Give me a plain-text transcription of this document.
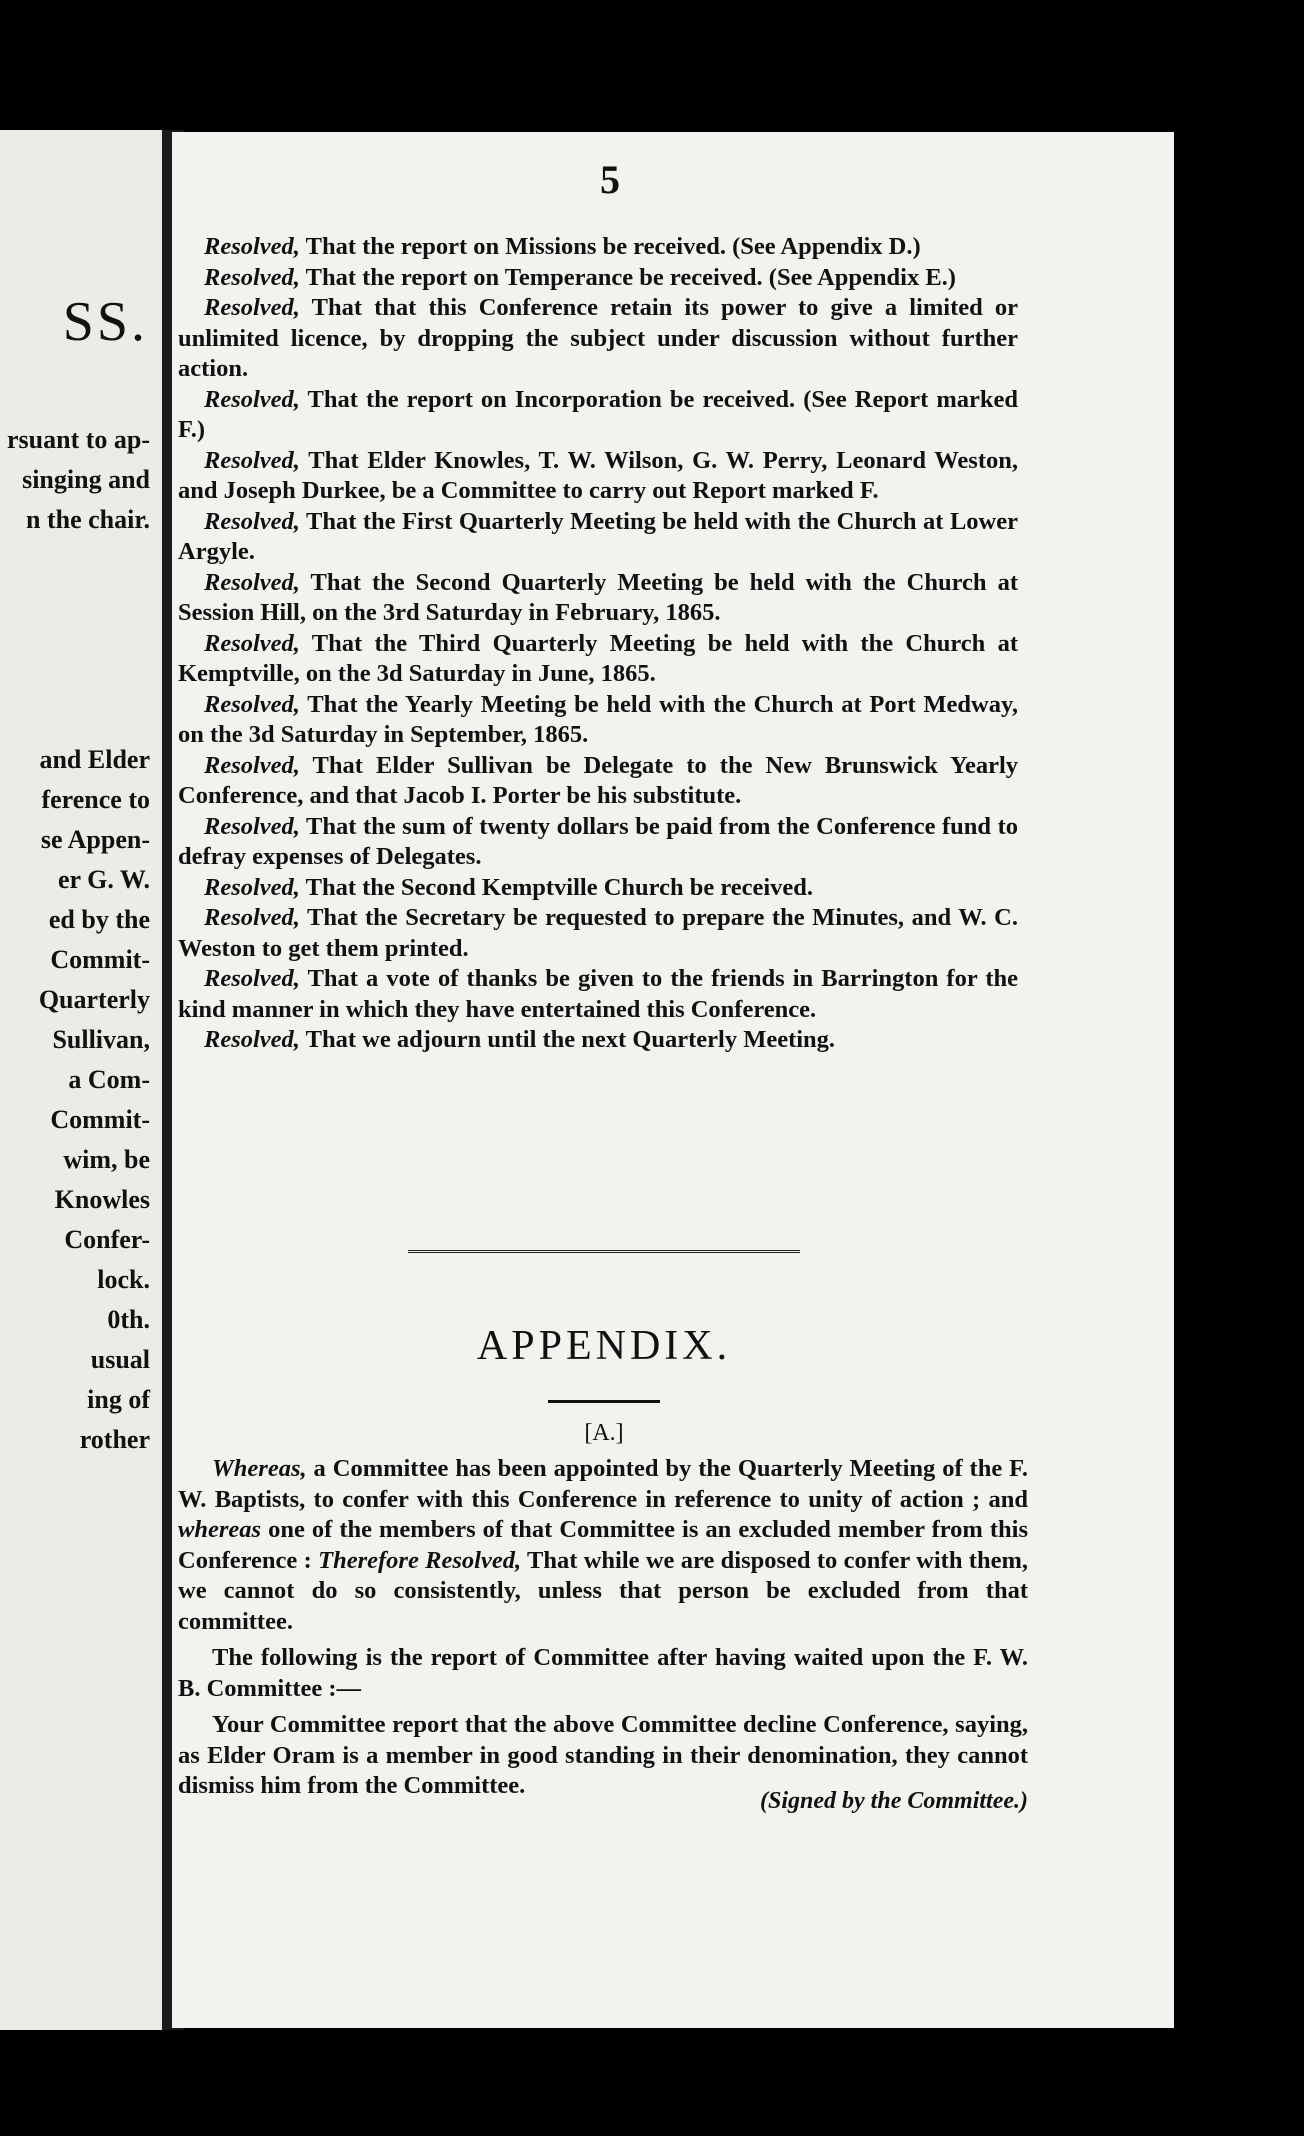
SS.
rsuant to ap-
singing and
n the chair.

and Elder
ference to
se Appen-
er G. W.
ed by the
Commit-
Quarterly
Sullivan,
a Com-
Commit-
wim, be
Knowles
Confer-
lock.
0th.
usual
ing of
rother
5

Resolved, That the report on Missions be received. (See Appendix D.)

Resolved, That the report on Temperance be received. (See Appendix E.)

Resolved, That that this Conference retain its power to give a limited or unlimited licence, by dropping the subject under discussion without further action.

Resolved, That the report on Incorporation be received. (See Report marked F.)

Resolved, That Elder Knowles, T. W. Wilson, G. W. Perry, Leonard Weston, and Joseph Durkee, be a Committee to carry out Report marked F.

Resolved, That the First Quarterly Meeting be held with the Church at Lower Argyle.

Resolved, That the Second Quarterly Meeting be held with the Church at Session Hill, on the 3rd Saturday in February, 1865.

Resolved, That the Third Quarterly Meeting be held with the Church at Kemptville, on the 3d Saturday in June, 1865.

Resolved, That the Yearly Meeting be held with the Church at Port Medway, on the 3d Saturday in September, 1865.

Resolved, That Elder Sullivan be Delegate to the New Brunswick Yearly Conference, and that Jacob I. Porter be his substitute.

Resolved, That the sum of twenty dollars be paid from the Conference fund to defray expenses of Delegates.

Resolved, That the Second Kemptville Church be received.

Resolved, That the Secretary be requested to prepare the Minutes, and W. C. Weston to get them printed.

Resolved, That a vote of thanks be given to the friends in Barrington for the kind manner in which they have entertained this Conference.

Resolved, That we adjourn until the next Quarterly Meeting.

APPENDIX.
[A.]

Whereas, a Committee has been appointed by the Quarterly Meeting of the F. W. Baptists, to confer with this Conference in reference to unity of action ; and whereas one of the members of that Committee is an excluded member from this Conference : Therefore Resolved, That while we are disposed to confer with them, we cannot do so consistently, unless that person be excluded from that committee.

The following is the report of Committee after having waited upon the F. W. B. Committee :—

Your Committee report that the above Committee decline Conference, saying, as Elder Oram is a member in good standing in their denomination, they cannot dismiss him from the Committee.

(Signed by the Committee.)
